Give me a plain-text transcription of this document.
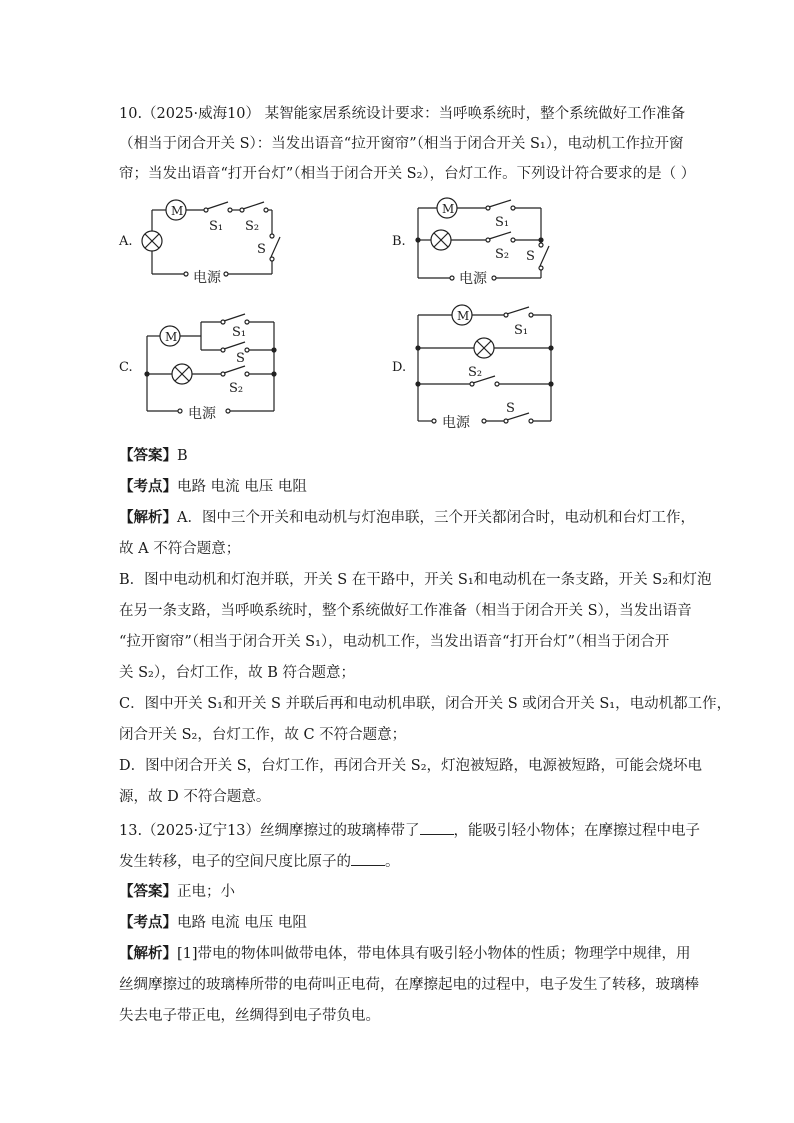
10.（2025·威海10） 某智能家居系统设计要求：当呼唤系统时，整个系统做好工作准备
（相当于闭合开关 S）：当发出语音“拉开窗帘”（相当于闭合开关 S₁），电动机工作拉开窗
帘；当发出语音“打开台灯”（相当于闭合开关 S₂），台灯工作。下列设计符合要求的是（ ）
A.	B.
C.	D.
M
S₁ S₂
S
电源
M
S₁
S₂ S
电源
M	S₁
S
S₂
电源
M
S₁
S₂
S
电源
【答案】B
【考点】电路 电流 电压 电阻
【解析】A．图中三个开关和电动机与灯泡串联，三个开关都闭合时，电动机和台灯工作，
故 A 不符合题意；
B．图中电动机和灯泡并联，开关 S 在干路中，开关 S₁和电动机在一条支路，开关 S₂和灯泡
在另一条支路，当呼唤系统时，整个系统做好工作准备（相当于闭合开关 S），当发出语音
“拉开窗帘”（相当于闭合开关 S₁），电动机工作，当发出语音“打开台灯”（相当于闭合开
关 S₂），台灯工作，故 B 符合题意；
C．图中开关 S₁和开关 S 并联后再和电动机串联，闭合开关 S 或闭合开关 S₁，电动机都工作，
闭合开关 S₂，台灯工作，故 C 不符合题意；
D．图中闭合开关 S，台灯工作，再闭合开关 S₂，灯泡被短路，电源被短路，可能会烧坏电
源，故 D 不符合题意。
13.（2025·辽宁13）丝绸摩擦过的玻璃棒带了 ，能吸引轻小物体；在摩擦过程中电子
发生转移，电子的空间尺度比原子的 。
【答案】正电；小
【考点】电路 电流 电压 电阻
【解析】[1]带电的物体叫做带电体，带电体具有吸引轻小物体的性质；物理学中规律，用
丝绸摩擦过的玻璃棒所带的电荷叫正电荷，在摩擦起电的过程中，电子发生了转移，玻璃棒
失去电子带正电，丝绸得到电子带负电。
